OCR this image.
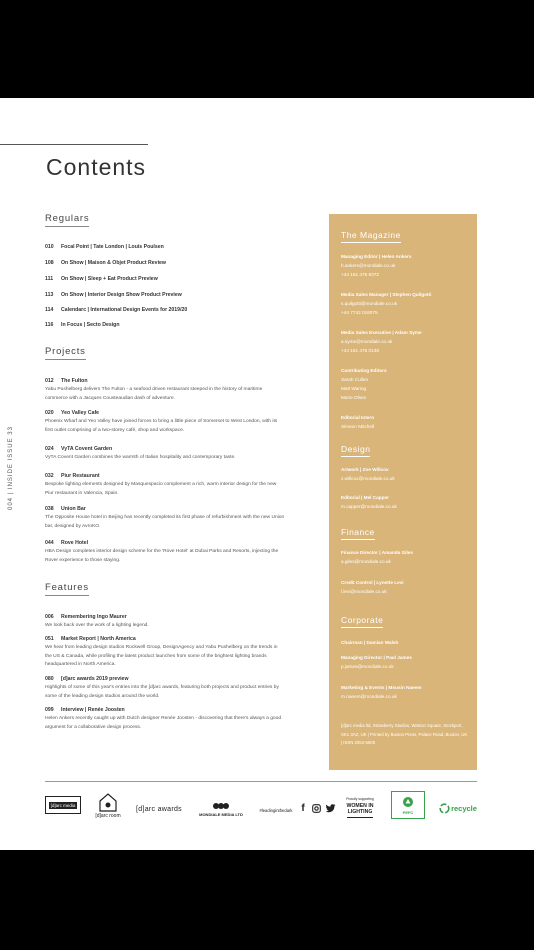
Contents
004 | INSIDE ISSUE 33
Regulars
010 Focal Point | Tate London | Louis Poulsen
108 On Show | Maison & Objet Product Review
111 On Show | Sleep + Eat Product Preview
113 On Show | Interior Design Show Product Preview
114 Calendarc | International Design Events for 2019/20
116 In Focus | Secto Design
Projects
012 The Fulton
Yabu Pushelberg delivers The Fulton - a seafood driven restaurant steeped in the history of maritime commerce with a Jacques Cousteaudian dash of adventure.
020 Yeo Valley Cafe
Phoenix Wharf and Yeo Valley have joined forces to bring a little piece of Somerset to West London, with its first outlet comprising of a two-storey café, shop and workspace.
024 VyTA Covent Garden
VyTA Covent Garden combines the warmth of Italian hospitality and contemporary taste.
032 Piur Restaurant
Bespoke lighting elements designed by Masquespacio complement a rich, warm interior design for the new Piur restaurant in Valencia, Spain.
038 Union Bar
The Opposite House hotel in Beijing has recently completed its first phase of refurbishment with the new Union bar, designed by AvroKO.
044 Rove Hotel
HBA Design completes interior design scheme for the 'Rove Hotel' at Dubai Parks and Resorts, injecting the Rover experience to those staying.
Features
006 Remembering Ingo Maurer
We look back over the work of a lighting legend.
051 Market Report | North America
We hear from leading design studios Rockwell Group, DesignAgency and Yabu Pushelberg on the trends in the US & Canada, while profiling the latest product launches from some of the brightest lighting brands headquartered in North America.
080 [d]arc awards 2019 preview
Highlights of some of this year's entries into the [d]arc awards, featuring both projects and product entries by some of the leading design studios around the world.
099 Interview | Renée Joosten
Helen Ankers recently caught up with Dutch designer Renée Joosten - discovering that there's always a good argument for a collaborative design process.
The Magazine
Managing Editor | Helen Ankers
h.ankers@mondiale.co.uk
+44 161 476 8372
Media Sales Manager | Stephen Quilgotti
s.quilgotti@mondiale.co.uk
+44 7742 016075
Media Sales Executive | Adam Syme
a.syme@mondiale.co.uk
+44 161 476 0138
Contributing Editors
Sarah Cullen
Matt Waring
Marie Olsen
Editorial Intern
Simeon Mitchell
Design
Artwork | Zoe Willcox
z.willcox@mondiale.co.uk
Editorial | Mel Capper
m.capper@mondiale.co.uk
Finance
Finance Director | Amanda Giles
a.giles@mondiale.co.uk
Credit Control | Lynette Levi
l.levi@mondiale.co.uk
Corporate
Chairman | Damian Walsh
Managing Director | Paul James
p.james@mondiale.co.uk
Marketing & Events | Mousin Naeem
m.naeem@mondiale.co.uk
[d]arc media ltd, Strawberry Studios, Watson Square, Stockport, SK1 3AZ, UK | Printed by Buxton Press, Palace Road, Buxton, UK | ISSN 2052-5605
[d]arc media
[d]arc room
[d]arc awards
MONDIALE MEDIA LTD
#leadinginthedark f
Proudly supporting
WOMEN IN LIGHTING	PEFC	recycle
